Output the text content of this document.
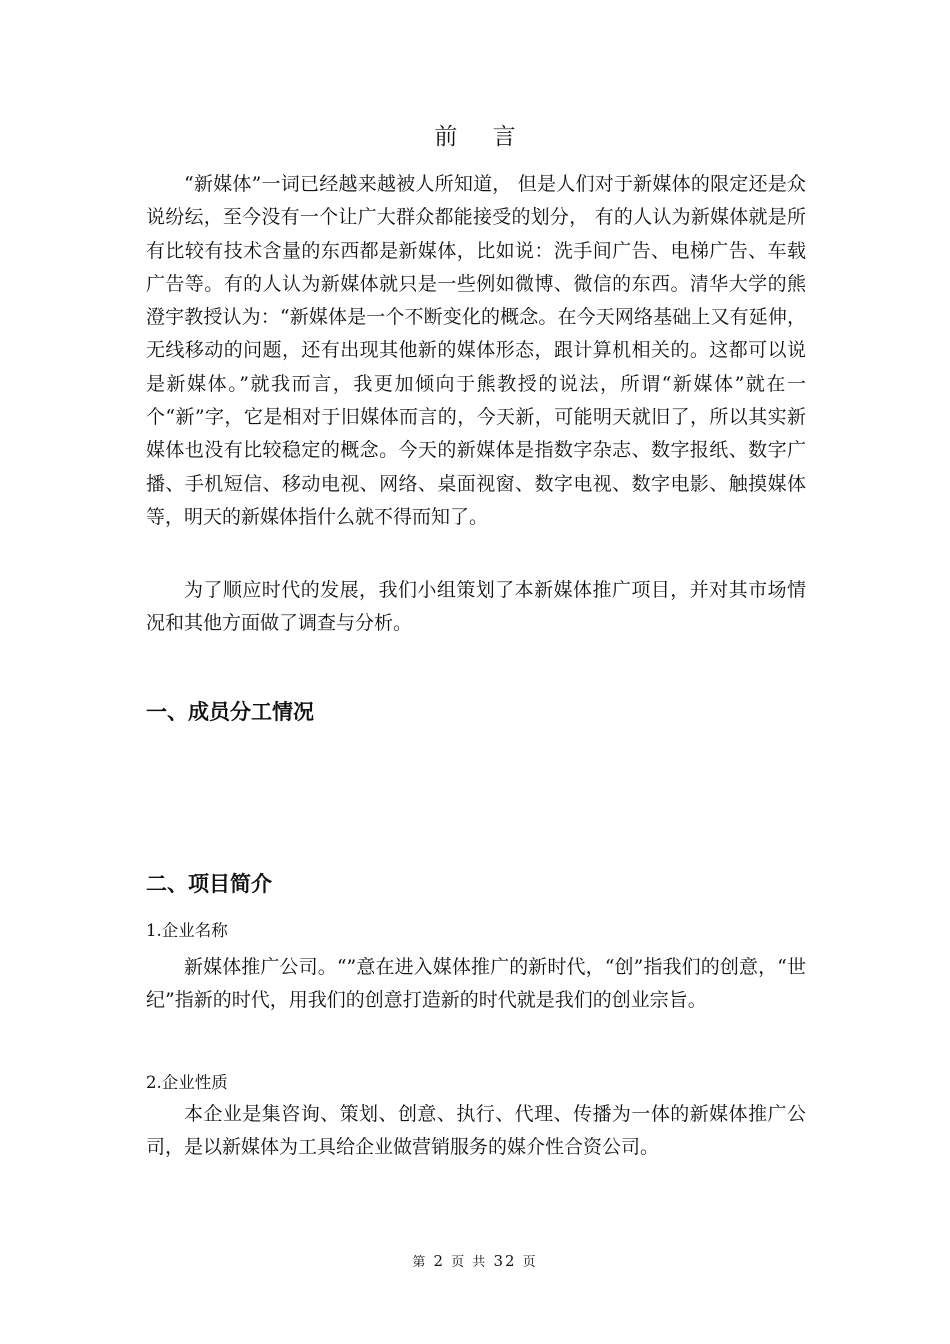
前 言

“新媒体”一词已经越来越被人所知道， 但是人们对于新媒体的限定还是众说纷纭，至今没有一个让广大群众都能接受的划分， 有的人认为新媒体就是所有比较有技术含量的东西都是新媒体，比如说：洗手间广告、电梯广告、车载广告等。有的人认为新媒体就只是一些例如微博、微信的东西。清华大学的熊澄宇教授认为：“新媒体是一个不断变化的概念。在今天网络基础上又有延伸，无线移动的问题，还有出现其他新的媒体形态，跟计算机相关的。这都可以说是新媒体。”就我而言，我更加倾向于熊教授的说法，所谓“新媒体”就在一个“新”字，它是相对于旧媒体而言的，今天新，可能明天就旧了，所以其实新媒体也没有比较稳定的概念。今天的新媒体是指数字杂志、数字报纸、数字广播、手机短信、移动电视、网络、桌面视窗、数字电视、数字电影、触摸媒体等，明天的新媒体指什么就不得而知了。

为了顺应时代的发展，我们小组策划了本新媒体推广项目，并对其市场情况和其他方面做了调查与分析。

一、成员分工情况
二、项目简介

1.企业名称

新媒体推广公司。“”意在进入媒体推广的新时代，“创”指我们的创意，“世纪”指新的时代，用我们的创意打造新的时代就是我们的创业宗旨。

2.企业性质

本企业是集咨询、策划、创意、执行、代理、传播为一体的新媒体推广公司，是以新媒体为工具给企业做营销服务的媒介性合资公司。

第 2 页 共 32 页
